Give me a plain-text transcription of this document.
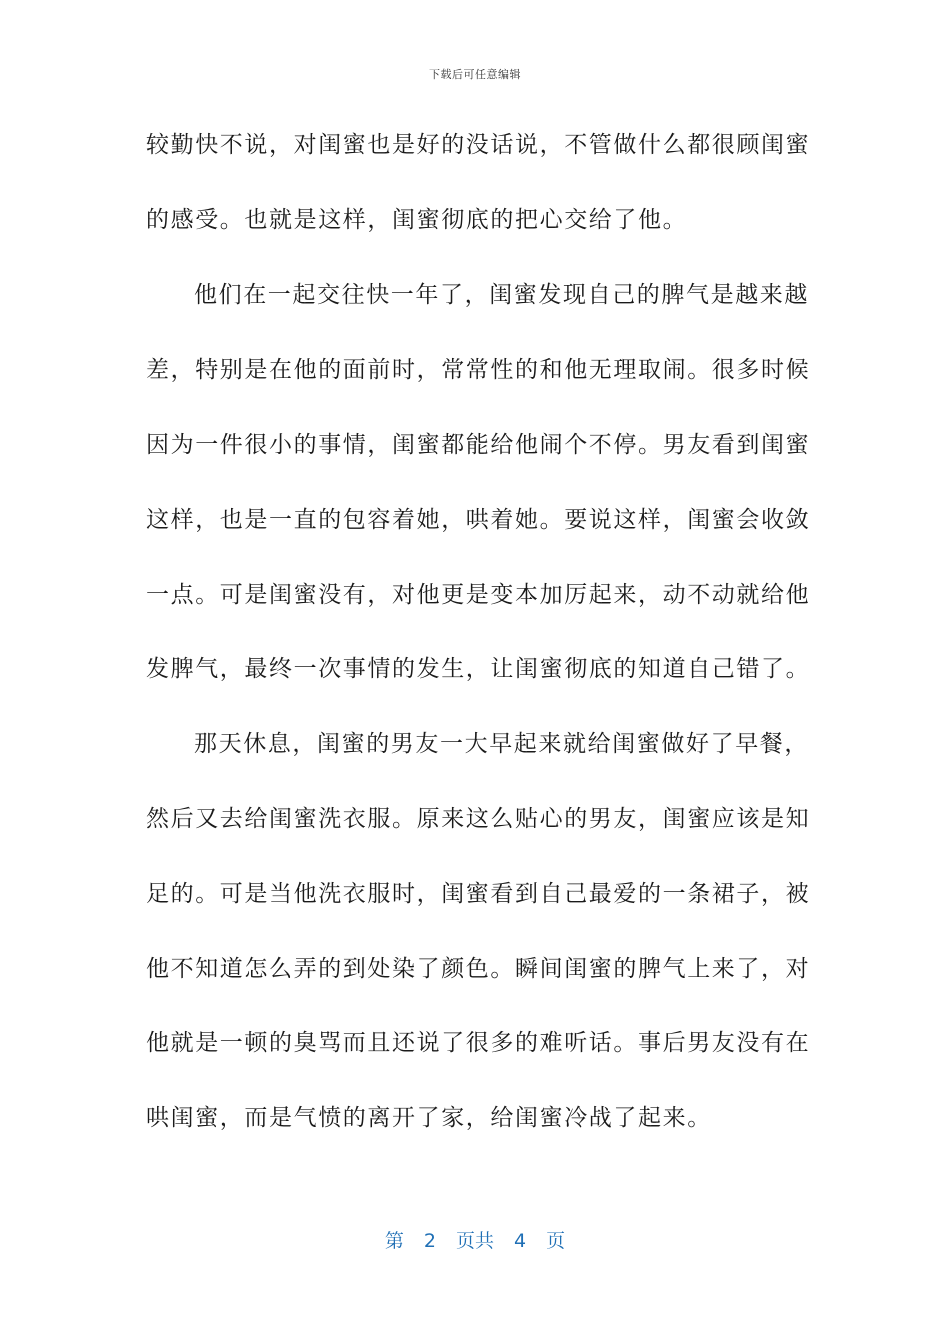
下载后可任意编辑
较勤快不说，对闺蜜也是好的没话说，不管做什么都很顾闺蜜
的感受。也就是这样，闺蜜彻底的把心交给了他。
他们在一起交往快一年了，闺蜜发现自己的脾气是越来越
差，特别是在他的面前时，常常性的和他无理取闹。很多时候
因为一件很小的事情，闺蜜都能给他闹个不停。男友看到闺蜜
这样，也是一直的包容着她，哄着她。要说这样，闺蜜会收敛
一点。可是闺蜜没有，对他更是变本加厉起来，动不动就给他
发脾气，最终一次事情的发生，让闺蜜彻底的知道自己错了。
那天休息，闺蜜的男友一大早起来就给闺蜜做好了早餐，
然后又去给闺蜜洗衣服。原来这么贴心的男友，闺蜜应该是知
足的。可是当他洗衣服时，闺蜜看到自己最爱的一条裙子，被
他不知道怎么弄的到处染了颜色。瞬间闺蜜的脾气上来了，对
他就是一顿的臭骂而且还说了很多的难听话。事后男友没有在
哄闺蜜，而是气愤的离开了家，给闺蜜冷战了起来。
第 2 页共 4 页
